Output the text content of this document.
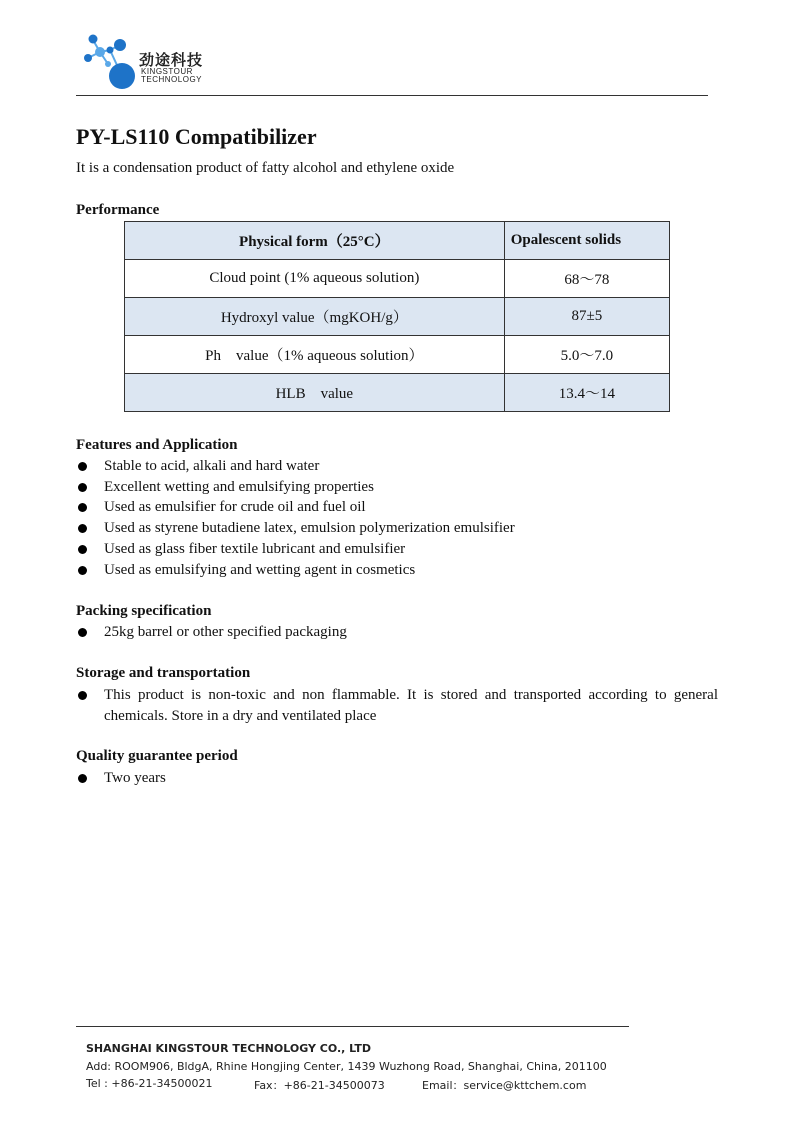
劲途科技
KINGSTOUR
TECHNOLOGY
PY-LS110 Compatibilizer
It is a condensation product of fatty alcohol and ethylene oxide
Performance
Physical form（25°C）	Opalescent solids
Cloud point (1% aqueous solution)	68～78
Hydroxyl value（mgKOH/g）	87±5
Ph　value（1% aqueous solution）	5.0～7.0
HLB　value	13.4～14
Features and Application
Stable to acid, alkali and hard water
Excellent wetting and emulsifying properties
Used as emulsifier for crude oil and fuel oil
Used as styrene butadiene latex, emulsion polymerization emulsifier
Used as glass fiber textile lubricant and emulsifier
Used as emulsifying and wetting agent in cosmetics
Packing specification
25kg barrel or other specified packaging
Storage and transportation
This product is non-toxic and non flammable. It is stored and transported according to general chemicals. Store in a dry and ventilated place
Quality guarantee period
Two years
SHANGHAI KINGSTOUR TECHNOLOGY CO., LTD
Add: ROOM906, BldgA, Rhine Hongjing Center, 1439 Wuzhong Road, Shanghai, China, 201100
Tel : +86-21-34500021	Fax：+86-21-34500073	Email：service@kttchem.com
